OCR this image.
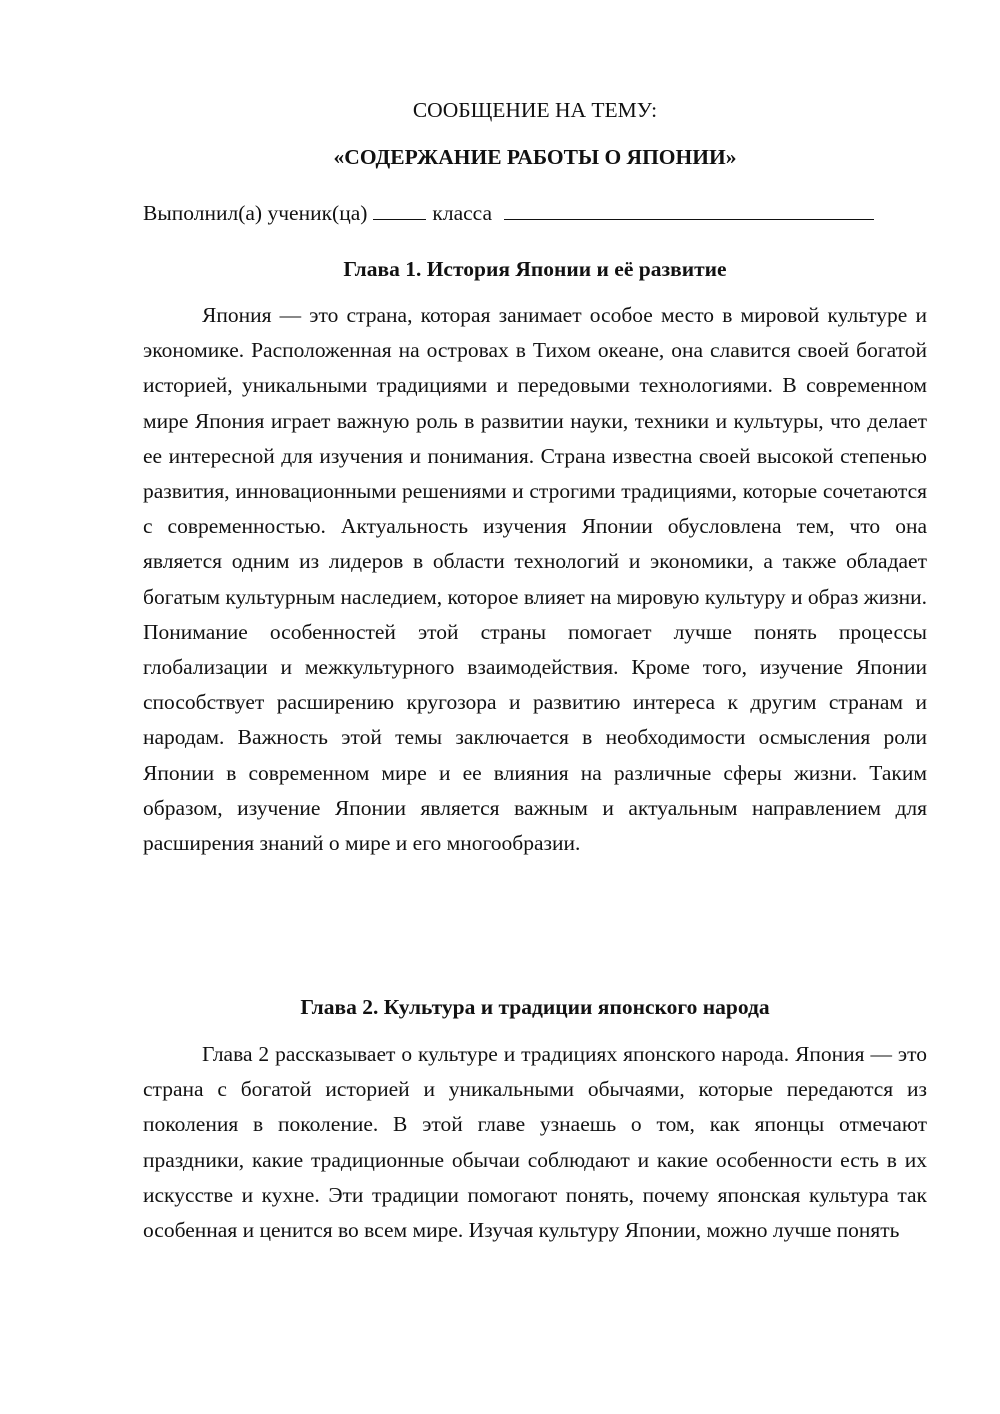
СООБЩЕНИЕ НА ТЕМУ:
«СОДЕРЖАНИЕ РАБОТЫ О ЯПОНИИ»
Выполнил(а) ученик(ца)	класса
Глава 1. История Японии и её развитие

Япония — это страна, которая занимает особое место в мировой культуре и экономике. Расположенная на островах в Тихом океане, она славится своей богатой историей, уникальными традициями и передовыми технологиями. В современном мире Япония играет важную роль в развитии науки, техники и культуры, что делает ее интересной для изучения и понимания. Страна известна своей высокой степенью развития, инновационными решениями и строгими традициями, которые сочетаются с современностью. Актуальность изучения Японии обусловлена тем, что она является одним из лидеров в области технологий и экономики, а также обладает богатым культурным наследием, которое влияет на мировую культуру и образ жизни. Понимание особенностей этой страны помогает лучше понять процессы глобализации и межкультурного взаимодействия. Кроме того, изучение Японии способствует расширению кругозора и развитию интереса к другим странам и народам. Важность этой темы заключается в необходимости осмысления роли Японии в современном мире и ее влияния на различные сферы жизни. Таким образом, изучение Японии является важным и актуальным направлением для расширения знаний о мире и его многообразии.

Глава 2. Культура и традиции японского народа

Глава 2 рассказывает о культуре и традициях японского народа. Япония — это страна с богатой историей и уникальными обычаями, которые передаются из поколения в поколение. В этой главе узнаешь о том, как японцы отмечают праздники, какие традиционные обычаи соблюдают и какие особенности есть в их искусстве и кухне. Эти традиции помогают понять, почему японская культура так особенная и ценится во всем мире. Изучая культуру Японии, можно лучше понять
